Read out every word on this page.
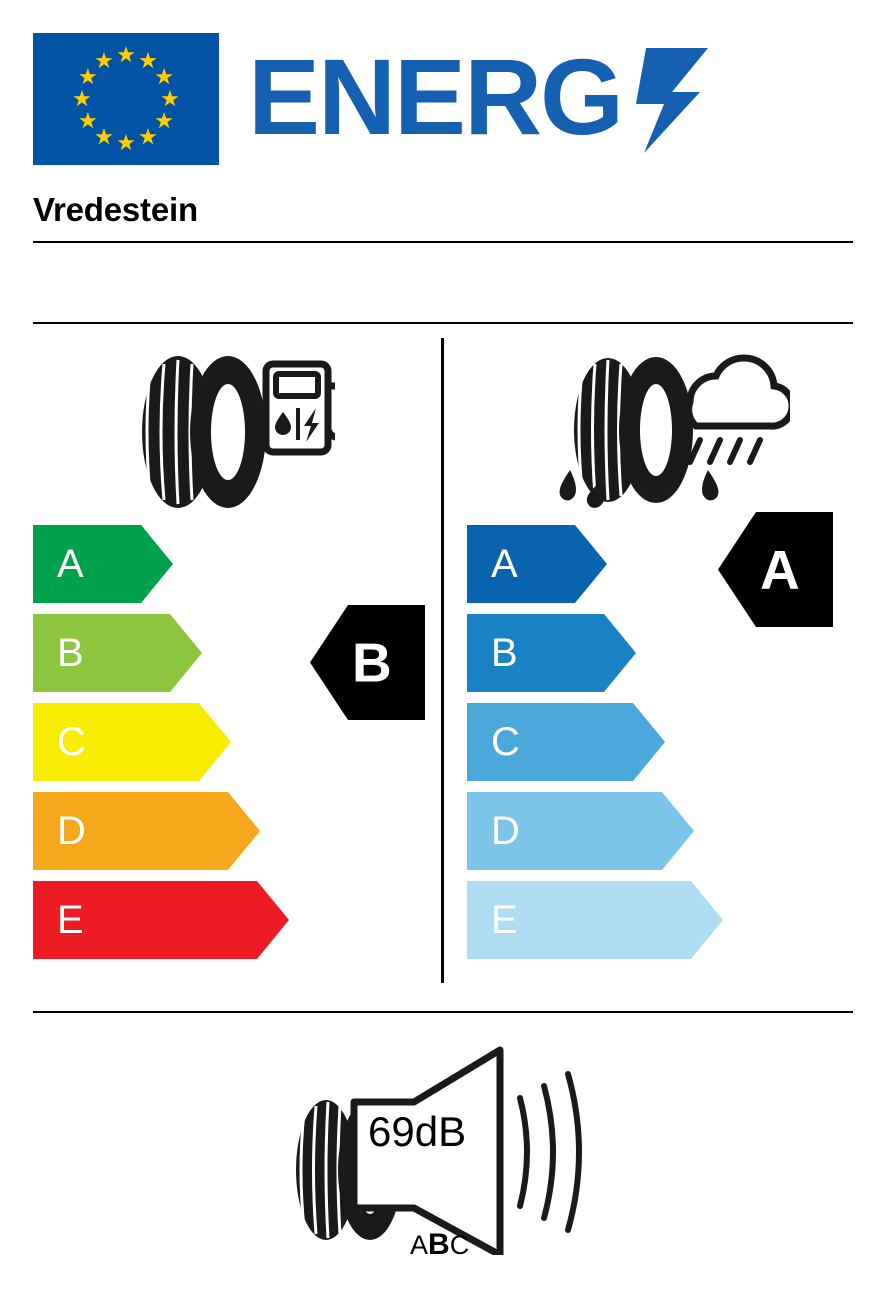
ENERG
Vredestein
A
B
C
D
E
B
A
B
C
D
E
A
69dB
ABC
